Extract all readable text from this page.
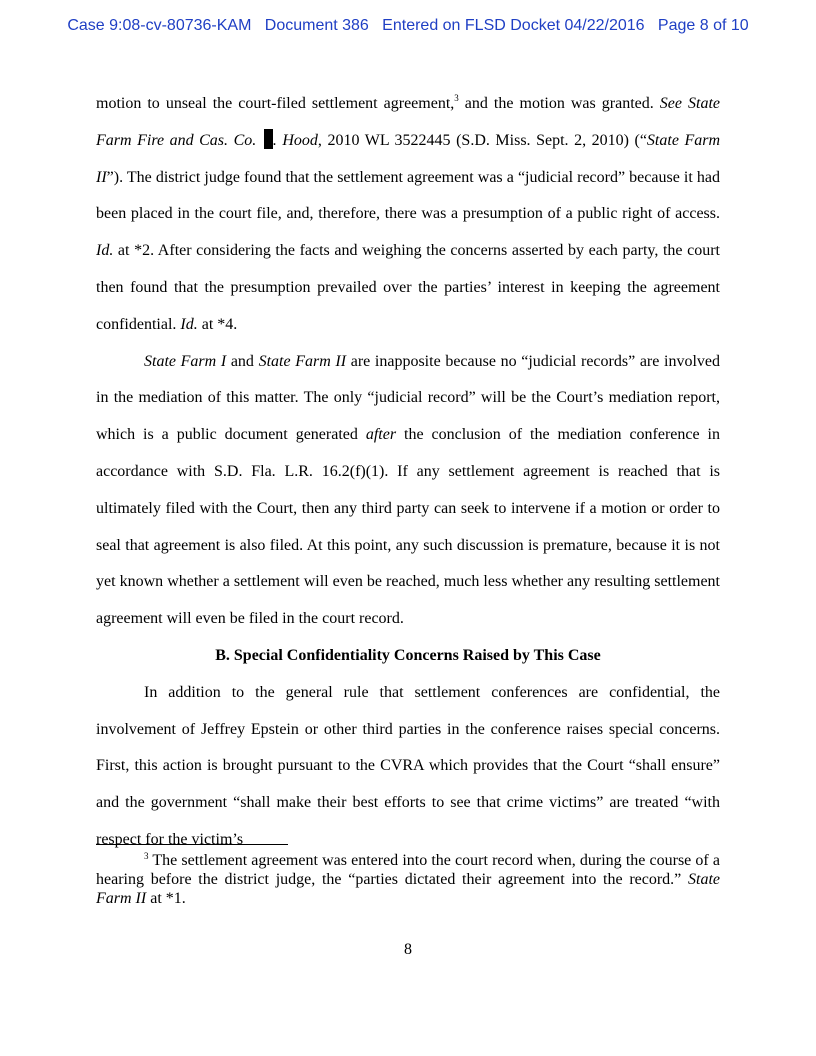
Case 9:08-cv-80736-KAM Document 386 Entered on FLSD Docket 04/22/2016 Page 8 of 10

motion to unseal the court-filed settlement agreement,$^3$ and the motion was granted. See State Farm Fire and Cas. Co. . Hood, 2010 WL 3522445 (S.D. Miss. Sept. 2, 2010) (“State Farm II”). The district judge found that the settlement agreement was a “judicial record” because it had been placed in the court file, and, therefore, there was a presumption of a public right of access. Id. at *2. After considering the facts and weighing the concerns asserted by each party, the court then found that the presumption prevailed over the parties’ interest in keeping the agreement confidential. Id. at *4.

State Farm I and State Farm II are inapposite because no “judicial records” are involved in the mediation of this matter. The only “judicial record” will be the Court’s mediation report, which is a public document generated after the conclusion of the mediation conference in accordance with S.D. Fla. L.R. 16.2(f)(1). If any settlement agreement is reached that is ultimately filed with the Court, then any third party can seek to intervene if a motion or order to seal that agreement is also filed. At this point, any such discussion is premature, because it is not yet known whether a settlement will even be reached, much less whether any resulting settlement agreement will even be filed in the court record.

B. Special Confidentiality Concerns Raised by This Case

In addition to the general rule that settlement conferences are confidential, the involvement of Jeffrey Epstein or other third parties in the conference raises special concerns. First, this action is brought pursuant to the CVRA which provides that the Court “shall ensure” and the government “shall make their best efforts to see that crime victims” are treated “with respect for the victim’s

$^3$ The settlement agreement was entered into the court record when, during the course of a hearing before the district judge, the “parties dictated their agreement into the record.” State Farm II at *1.

8
